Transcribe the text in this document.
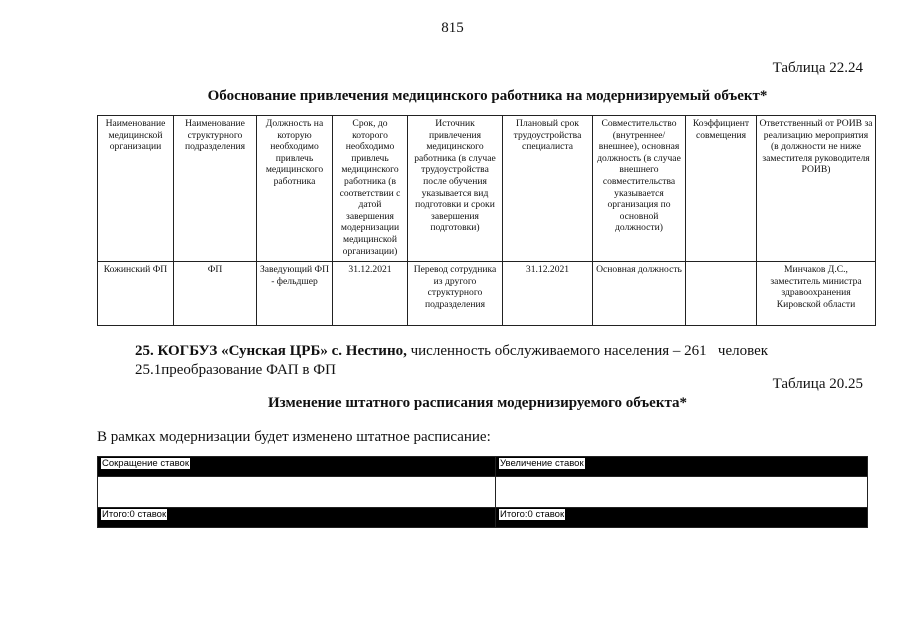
815
Таблица 22.24
Обоснование привлечения медицинского работника на модернизируемый объект*
Наименование медицинской организации	Наименование структурного подразделения	Должность на которую необходимо привлечь медицинского работника	Срок, до которого необходимо привлечь медицинского работника (в соответствии с датой завершения модернизации медицинской организации)	Источник привлечения медицинского работника (в случае трудоустройства после обучения указывается вид подготовки и сроки завершения подготовки)	Плановый срок трудоустройства специалиста	Совместительство (внутреннее/внешнее), основная должность (в случае внешнего совместительства указывается организация по основной должности)	Коэффициент совмещения	Ответственный от РОИВ за реализацию мероприятия (в должности не ниже заместителя руководителя РОИВ)
Кожинский ФП	ФП	Заведующий ФП - фельдшер	31.12.2021	Перевод сотрудника из другого структурного подразделения	31.12.2021	Основная должность		Минчаков Д.С., заместитель министра здравоохранения Кировской области
25. КОГБУЗ «Сунская ЦРБ» с. Нестино, численность обслуживаемого населения – 261   человек
25.1преобразование ФАП в ФП
Таблица 20.25
Изменение штатного расписания модернизируемого объекта*
В рамках модернизации будет изменено штатное расписание:
Сокращение ставок	Увеличение ставок

Итого:0 ставок	Итого:0 ставок
